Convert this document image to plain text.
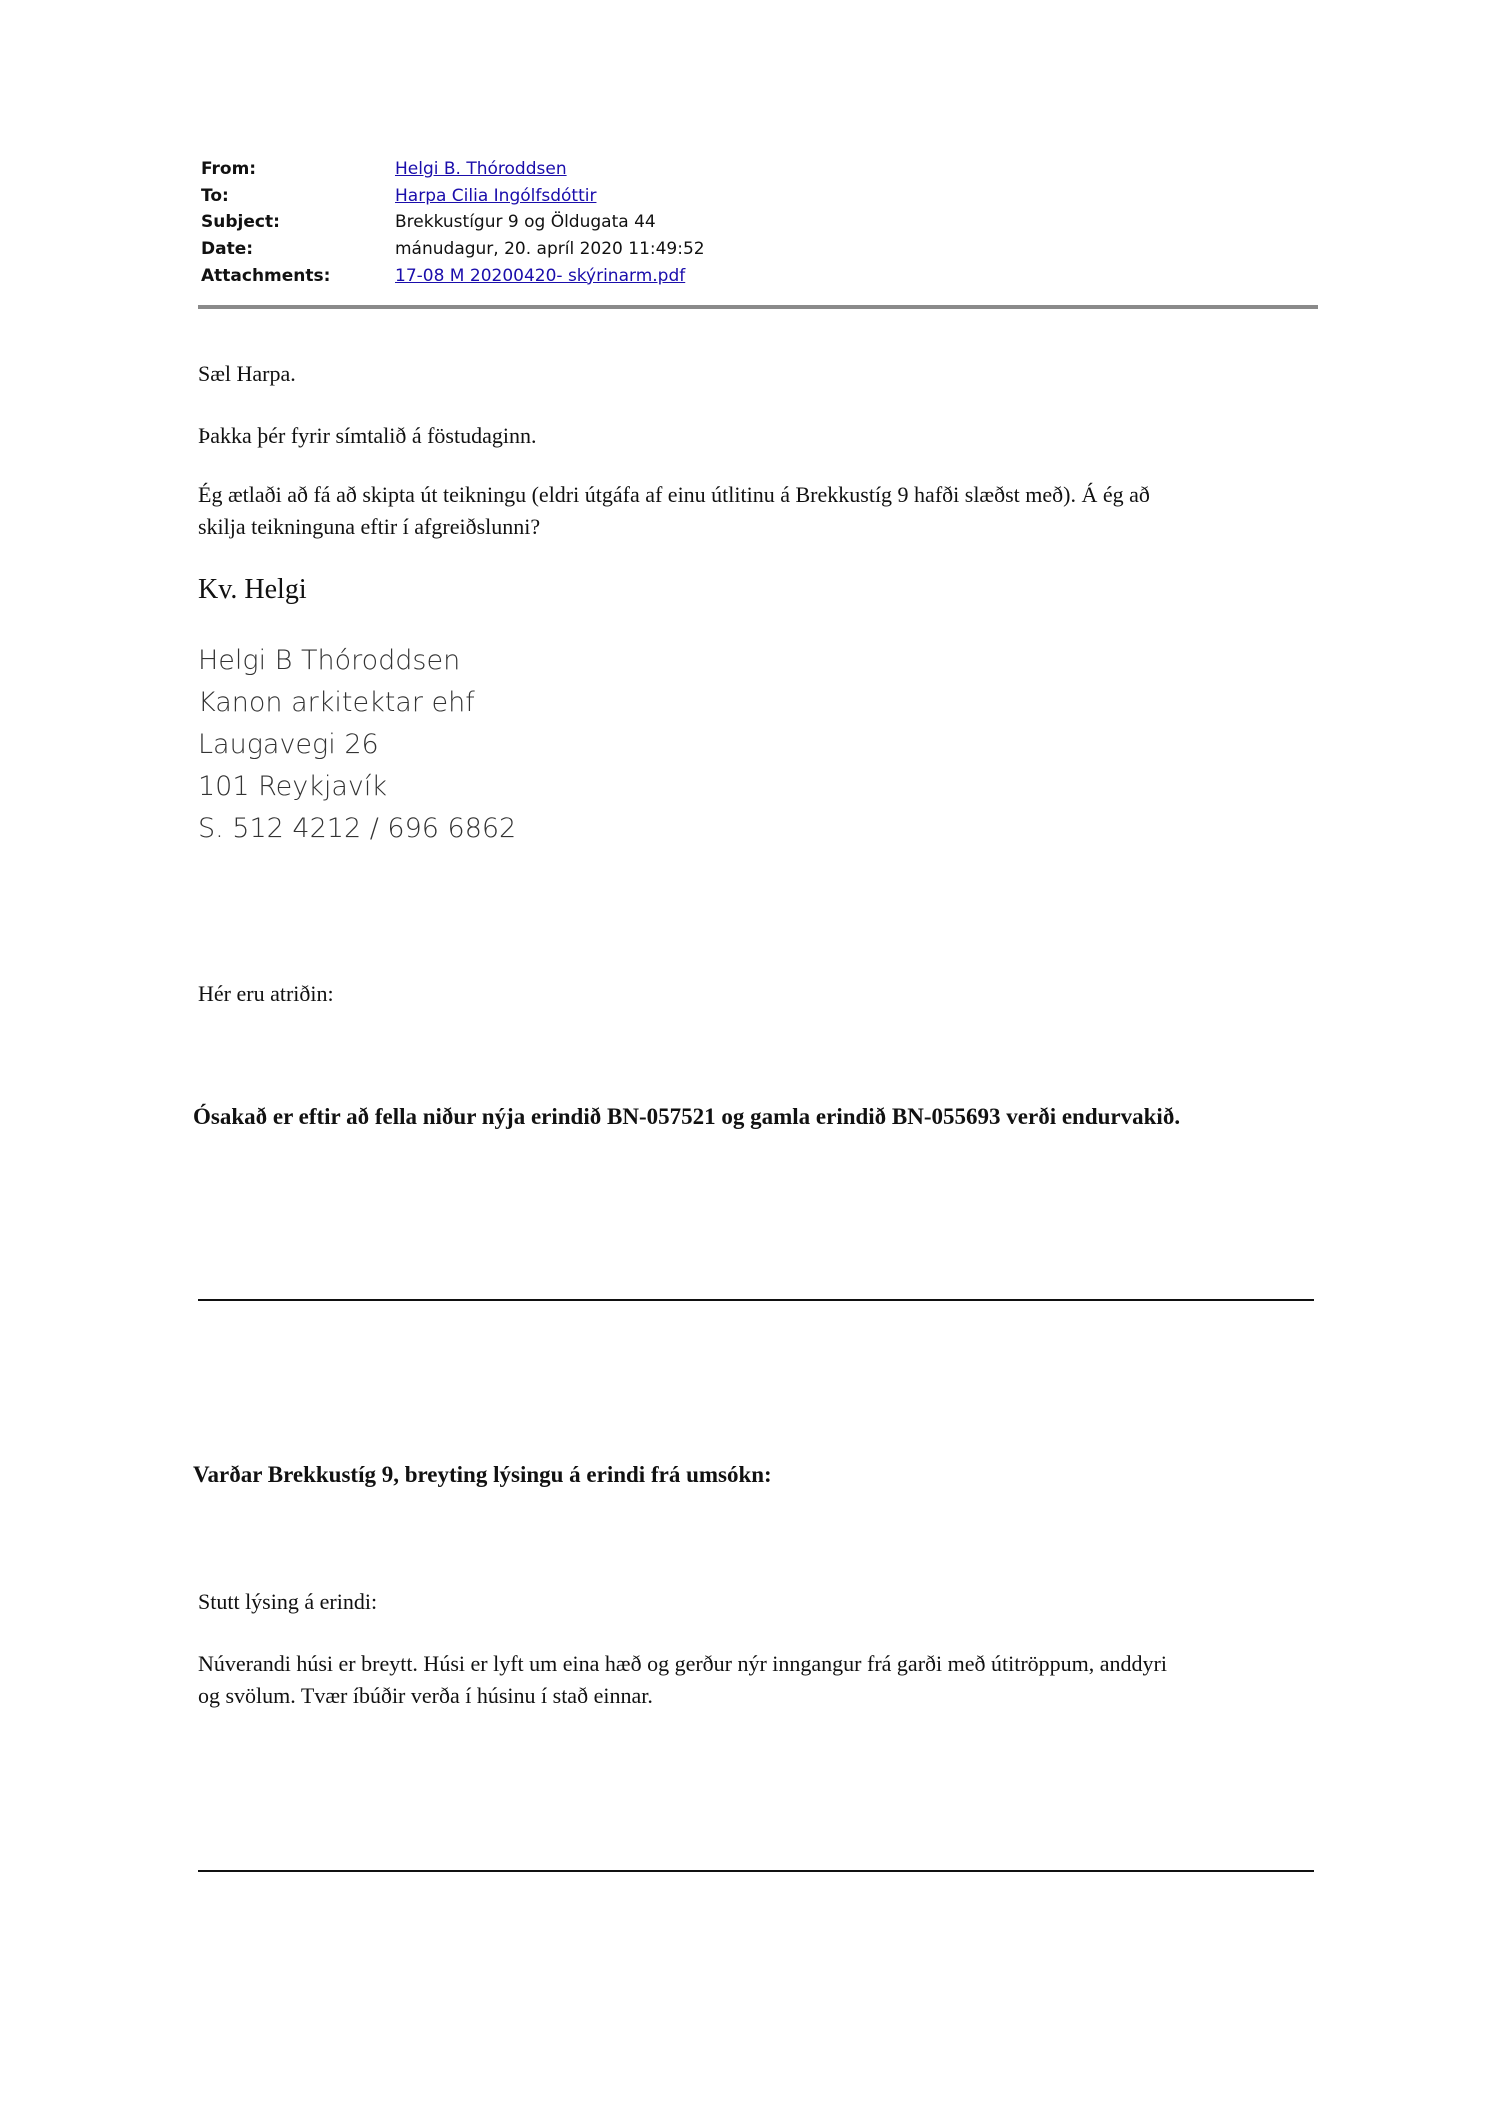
From:	Helgi B. Thóroddsen
To:	Harpa Cilia Ingólfsdóttir
Subject:	Brekkustígur 9 og Öldugata 44
Date:	mánudagur, 20. apríl 2020 11:49:52
Attachments:	17-08 M 20200420- skýrinarm.pdf
Sæl Harpa.
Þakka þér fyrir símtalið á föstudaginn.
Ég ætlaði að fá að skipta út teikningu (eldri útgáfa af einu útlitinu á Brekkustíg 9 hafði slæðst með). Á ég að
skilja teikninguna eftir í afgreiðslunni?
Kv. Helgi
Helgi B Thóroddsen
Kanon arkitektar ehf
Laugavegi 26
101 Reykjavík
S. 512 4212 / 696 6862
Hér eru atriðin:
Ósakað er eftir að fella niður nýja erindið BN-057521 og gamla erindið BN-055693 verði endurvakið.
Varðar Brekkustíg 9, breyting lýsingu á erindi frá umsókn:
Stutt lýsing á erindi:
Núverandi húsi er breytt. Húsi er lyft um eina hæð og gerður nýr inngangur frá garði með útitröppum, anddyri
og svölum. Tvær íbúðir verða í húsinu í stað einnar.
